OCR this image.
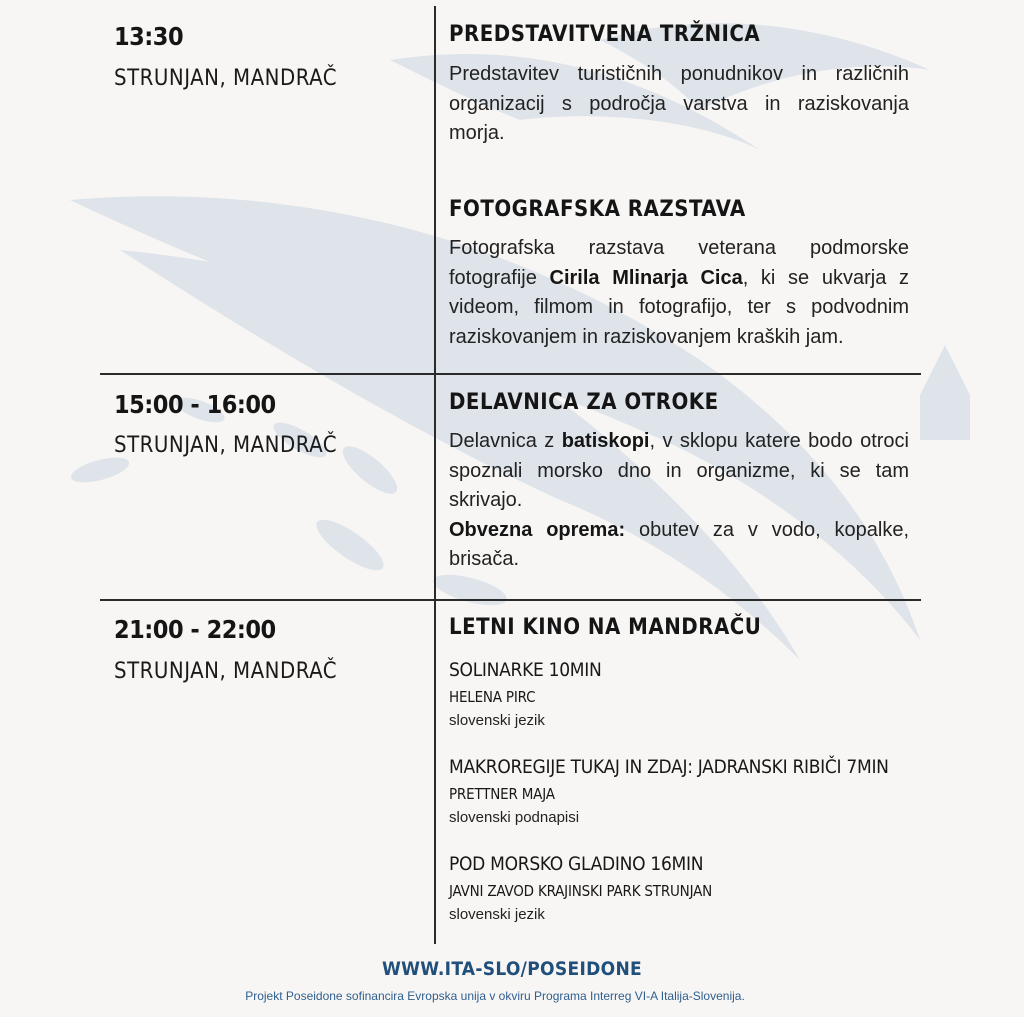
13:30
STRUNJAN, MANDRAČ
PREDSTAVITVENA TRŽNICA
Predstavitev turističnih ponudnikov in različnih organizacij s področja varstva in raziskovanja morja.
FOTOGRAFSKA RAZSTAVA
Fotografska razstava veterana podmorske fotografije Cirila Mlinarja Cica, ki se ukvarja z videom, filmom in fotografijo, ter s podvodnim raziskovanjem in raziskovanjem kraških jam.
15:00 - 16:00
STRUNJAN, MANDRAČ
DELAVNICA ZA OTROKE
Delavnica z batiskopi, v sklopu katere bodo otroci spoznali morsko dno in organizme, ki se tam skrivajo.
Obvezna oprema: obutev za v vodo, kopalke, brisača.
21:00 - 22:00
STRUNJAN, MANDRAČ
LETNI KINO NA MANDRAČU
SOLINARKE 10MIN
HELENA PIRC
slovenski jezik
MAKROREGIJE TUKAJ IN ZDAJ: JADRANSKI RIBIČI 7MIN
PRETTNER MAJA
slovenski podnapisi
POD MORSKO GLADINO 16MIN
JAVNI ZAVOD KRAJINSKI PARK STRUNJAN
slovenski jezik
WWW.ITA-SLO/POSEIDONE
Projekt Poseidone sofinancira Evropska unija v okviru Programa Interreg VI-A Italija-Slovenija.
